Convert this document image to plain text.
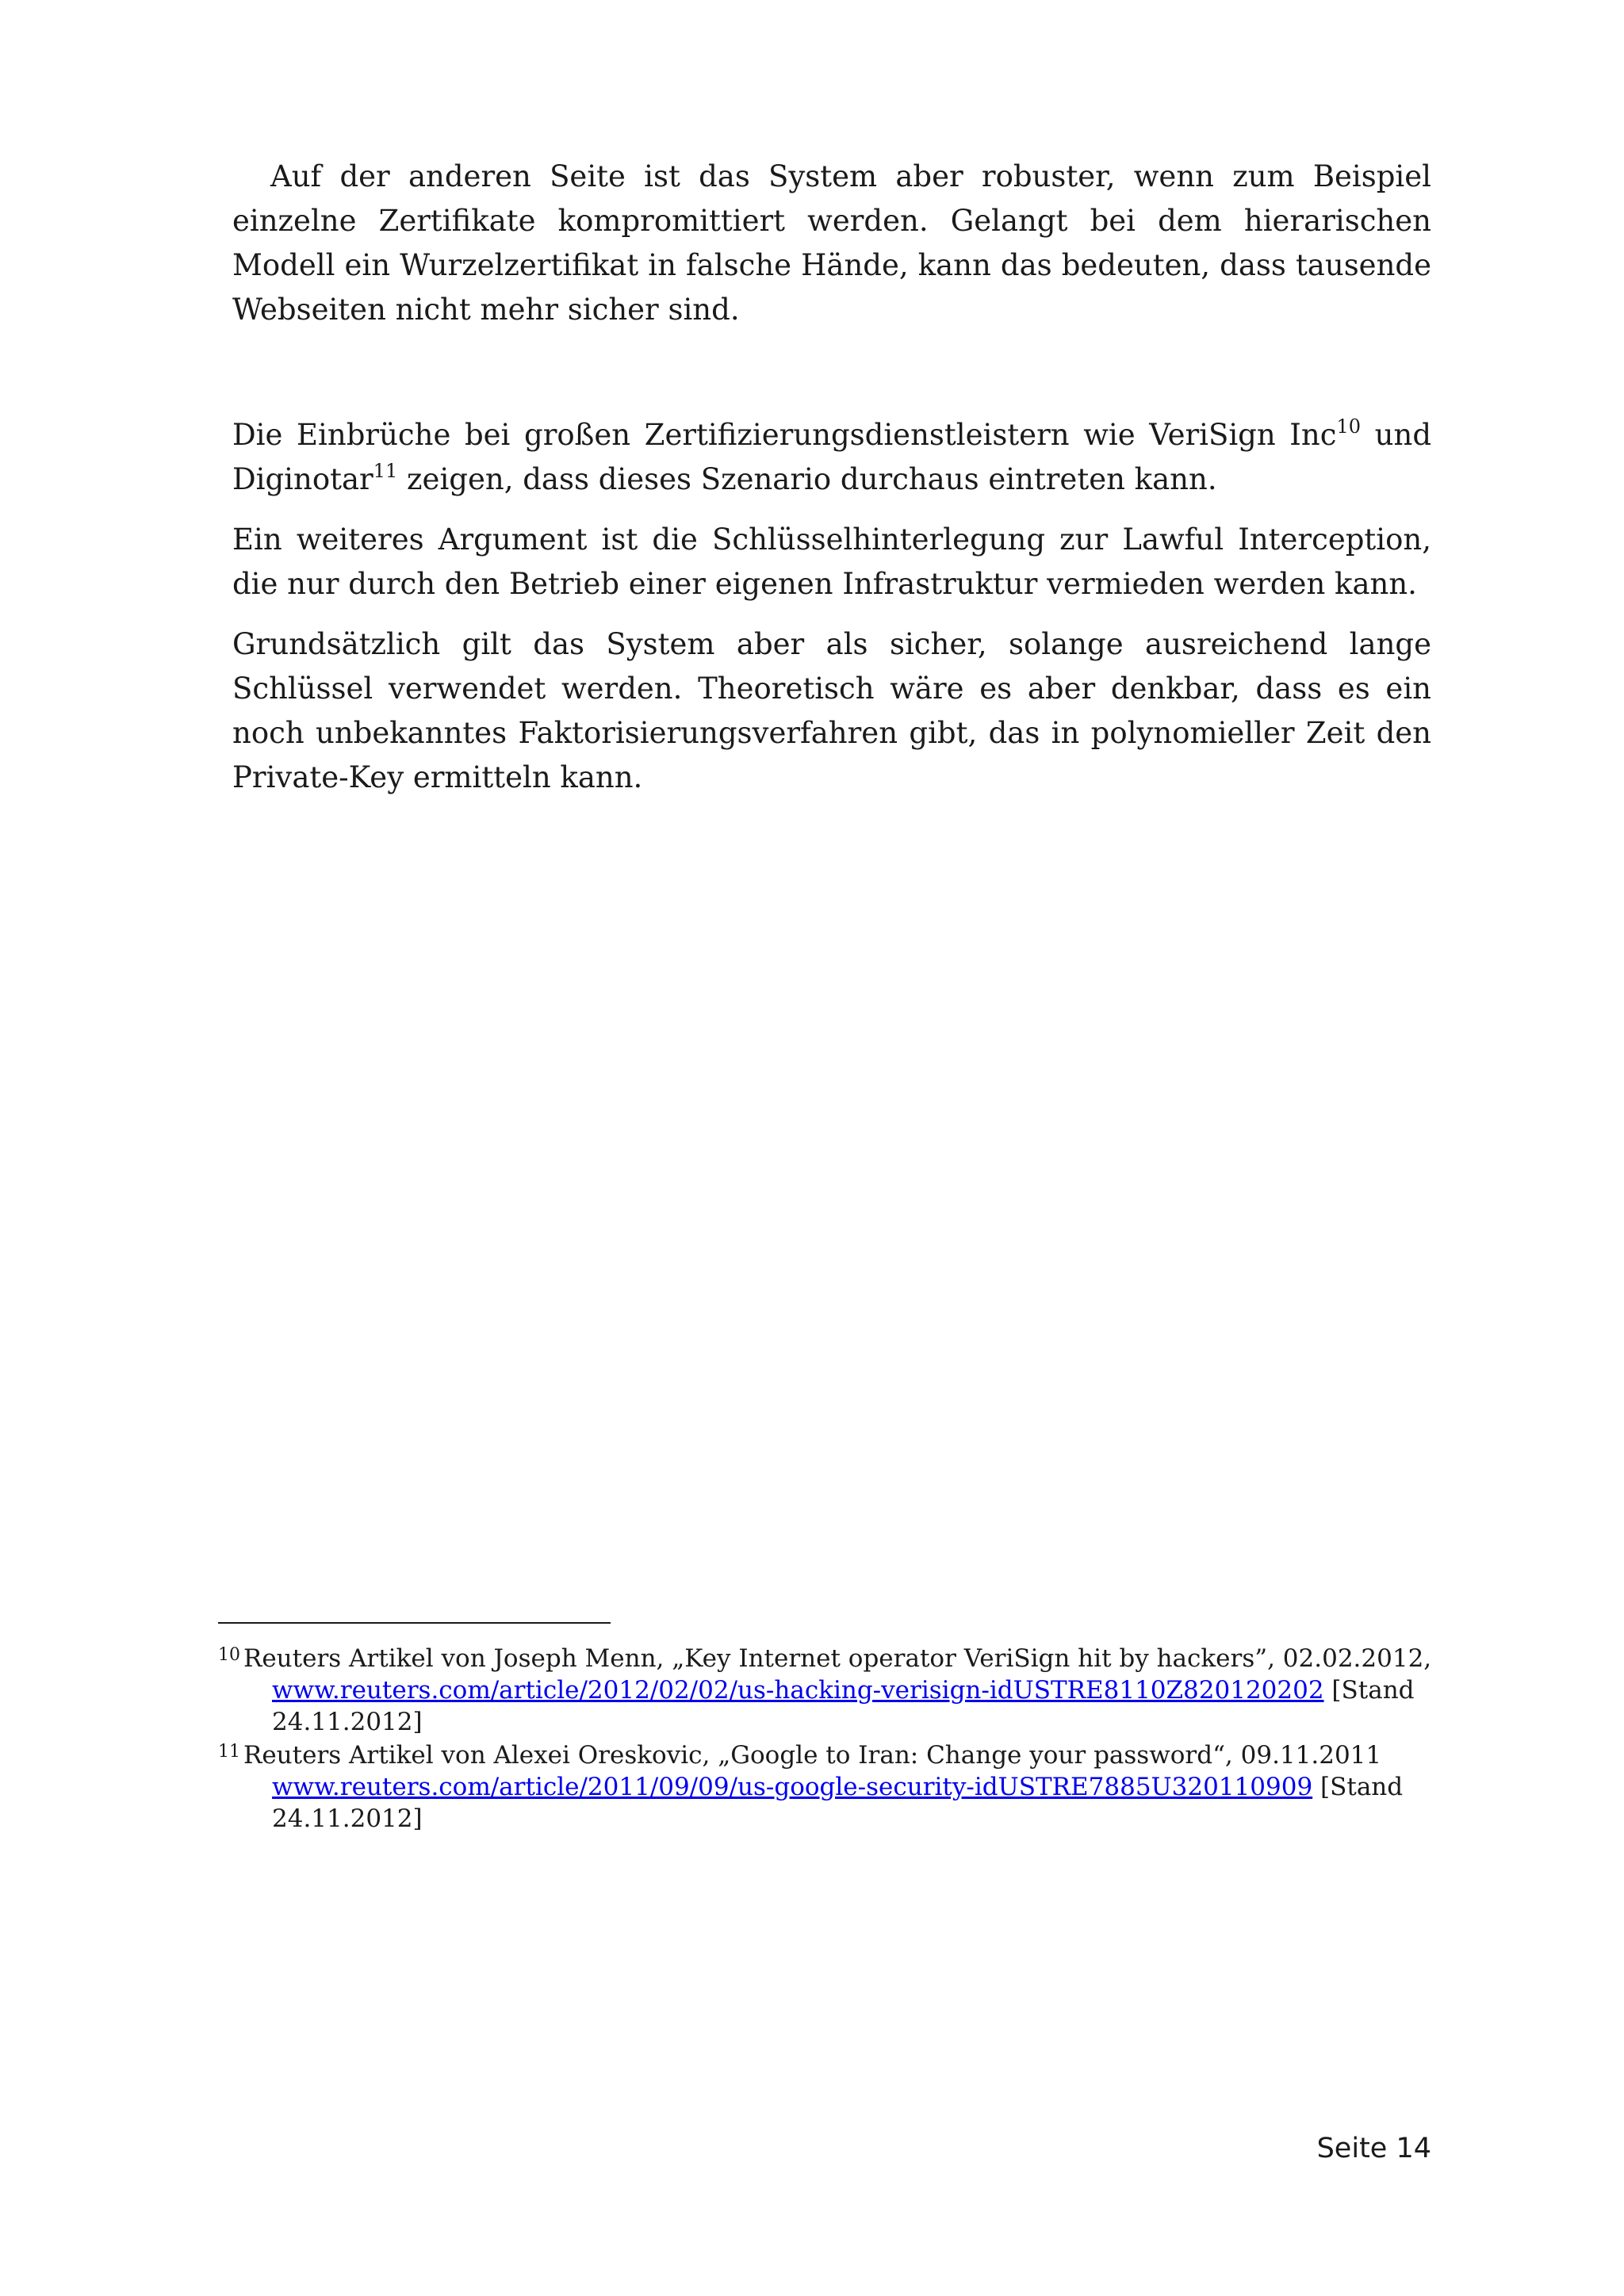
Auf der anderen Seite ist das System aber robuster, wenn zum Beispiel einzelne Zertifikate kompromittiert werden. Gelangt bei dem hierarischen Modell ein Wurzelzertifikat in falsche Hände, kann das bedeuten, dass tausende Webseiten nicht mehr sicher sind.

Die Einbrüche bei großen Zertifizierungsdienstleistern wie VeriSign Inc$^{10}$ und Diginotar$^{11}$ zeigen, dass dieses Szenario durchaus eintreten kann.

Ein weiteres Argument ist die Schlüsselhinterlegung zur Lawful Interception, die nur durch den Betrieb einer eigenen Infrastruktur vermieden werden kann.

Grundsätzlich gilt das System aber als sicher, solange ausreichend lange Schlüssel verwendet werden. Theoretisch wäre es aber denkbar, dass es ein noch unbekanntes Faktorisierungsverfahren gibt, das in polynomieller Zeit den Private-Key ermitteln kann.

$^{10}$ Reuters Artikel von Joseph Menn, „Key Internet operator VeriSign hit by hackers”, 02.02.2012,
www.reuters.com/article/2012/02/02/us-hacking-verisign-idUSTRE8110Z820120202 [Stand
24.11.2012]
$^{11}$ Reuters Artikel von Alexei Oreskovic, „Google to Iran: Change your password“, 09.11.2011
www.reuters.com/article/2011/09/09/us-google-security-idUSTRE7885U320110909 [Stand
24.11.2012]
Seite 14
